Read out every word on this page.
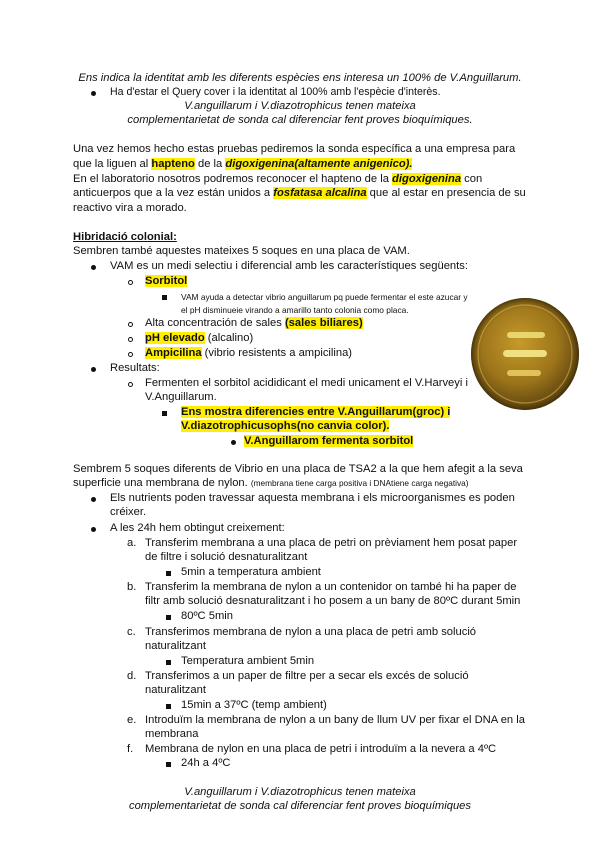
Ens indica la identitat amb les diferents espècies ens interesa un 100% de V.Anguillarum.
Ha d'estar el Query cover i la identitat al 100% amb l'espècie d'interès.
V.anguillarum i V.diazotrophicus tenen mateixa
complementarietat de sonda cal diferenciar fent proves bioquímiques.
Una vez hemos hecho estas pruebas pediremos la sonda específica a una empresa para
que la liguen al hapteno de la digoxigenina(altamente anigenico).
En el laboratorio nosotros podremos reconocer el hapteno de la digoxigenina con
anticuerpos que a la vez están unidos a fosfatasa alcalina que al estar en presencia de su
reactivo vira a morado.
Hibridació colonial:
Sembren també aquestes mateixes 5 soques en una placa de VAM.
VAM es un medi selectiu i diferencial amb les característiques següents:
Sorbitol
VAM ayuda a detectar vibrio anguillarum pq puede fermentar el este azucar y
el pH disminueie virando a amarillo tanto colonia como placa.
Alta concentración de sales (sales biliares)
pH elevado (alcalino)
Ampicilina (vibrio resistents a ampicilina)
Resultats:
Fermenten el sorbitol acididicant el medi unicament el V.Harveyi i
V.Anguillarum.
Ens mostra diferencies entre V.Anguillarum(groc) i
V.diazotrophicusophs(no canvia color).
V.Anguillarom fermenta sorbitol
Sembrem 5 soques diferents de Vibrio en una placa de TSA2 a la que hem afegit a la seva
superficie una membrana de nylon. (membrana tiene carga positiva i DNAtiene carga negativa)
Els nutrients poden travessar aquesta membrana i els microorganismes es poden
créixer.
A les 24h hem obtingut creixement:
a. Transferim membrana a una placa de petri on prèviament hem posat paper
de filtre i solució desnaturalitzant
5min a temperatura ambient
b. Transferim la membrana de nylon a un contenidor on també hi ha paper de
filtr amb solució desnaturalitzant i ho posem a un bany de 80ºC durant 5min
80ºC 5min
c. Transferimos membrana de nylon a una placa de petri amb solució
naturalitzant
Temperatura ambient 5min
d. Transferimos a un paper de filtre per a secar els excés de solució
naturalitzant
15min a 37ºC (temp ambient)
e. Introduïm la membrana de nylon a un bany de llum UV per fixar el DNA en la
membrana
f. Membrana de nylon en una placa de petri i introduïm a la nevera a 4ºC
24h a 4ºC
V.anguillarum i V.diazotrophicus tenen mateixa
complementarietat de sonda cal diferenciar fent proves bioquímiques
